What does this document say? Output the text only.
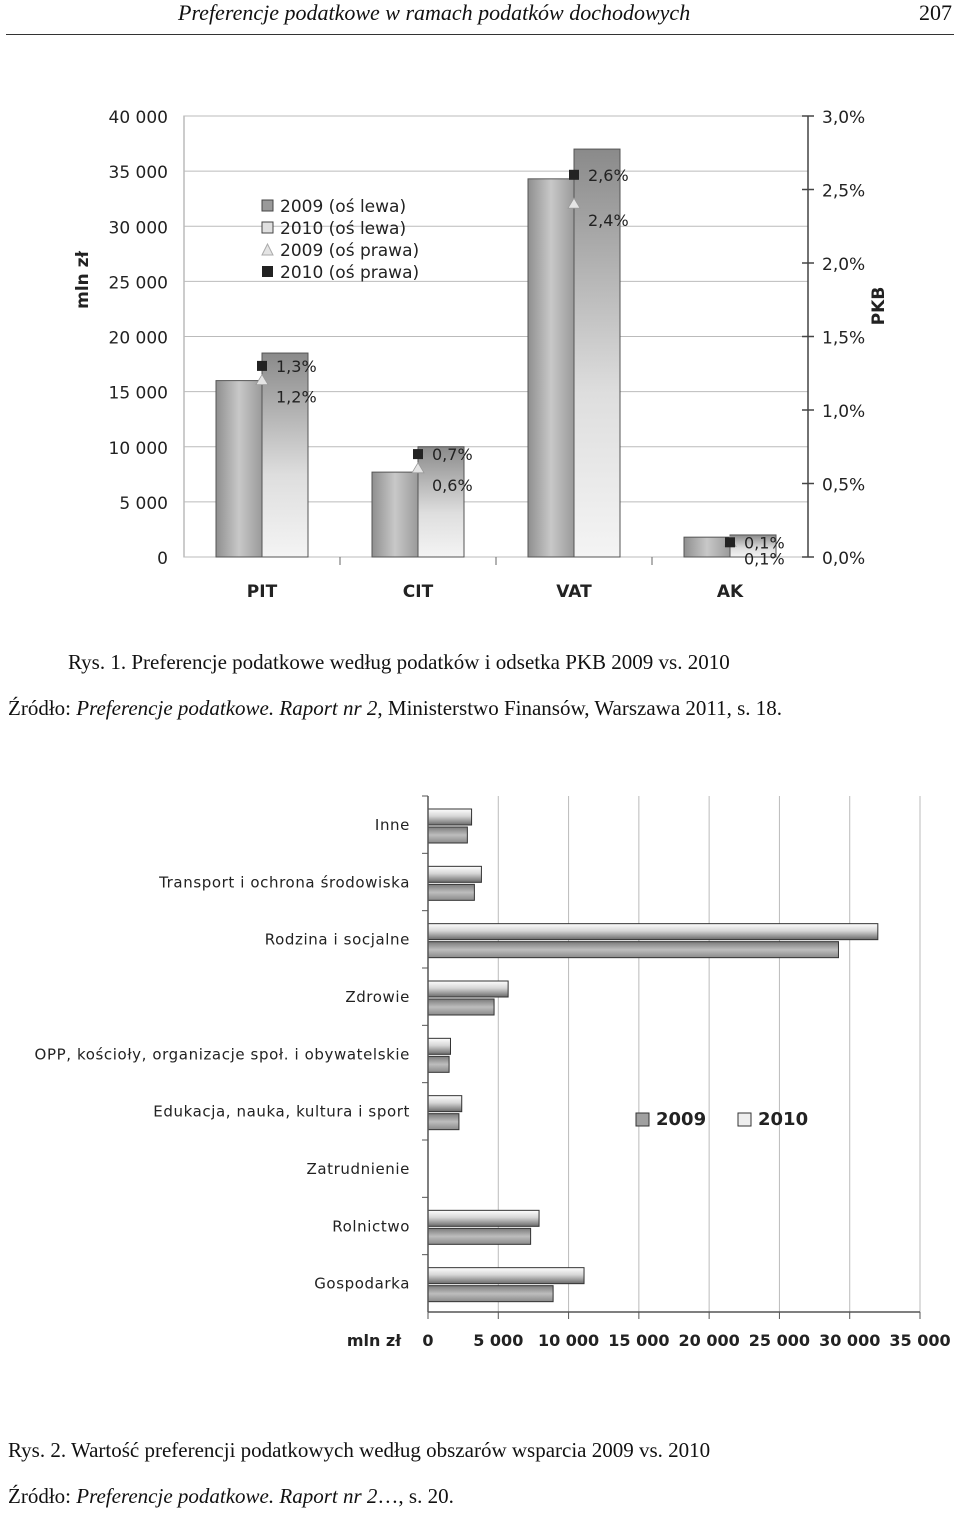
Preferencje podatkowe w ramach podatków dochodowych	207
0
5 000
10 000
15 000
20 000
25 000
30 000
35 000
40 000
0,0%
0,5%
1,0%
1,5%
2,0%
2,5%
3,0%
mln zł	PKB
PIT
1,3%
1,2%
CIT
0,7%
0,6%
VAT
2,6%
2,4%
AK
0,1%
0,1%
2009 (oś lewa)
2010 (oś lewa)
2009 (oś prawa)
2010 (oś prawa)
Rys. 1. Preferencje podatkowe według podatków i odsetka PKB 2009 vs. 2010
Źródło: Preferencje podatkowe. Raport nr 2, Ministerstwo Finansów, Warszawa 2011, s. 18.
0 5 000 10 000 15 000 20 000 25 000 30 000 35 000
mln zł
Inne
Transport i ochrona środowiska
Rodzina i socjalne
Zdrowie
OPP, kościoły, organizacje społ. i obywatelskie
Edukacja, nauka, kultura i sport
Zatrudnienie
Rolnictwo
Gospodarka
2009	2010
Rys. 2. Wartość preferencji podatkowych według obszarów wsparcia 2009 vs. 2010
Źródło: Preferencje podatkowe. Raport nr 2…, s. 20.
